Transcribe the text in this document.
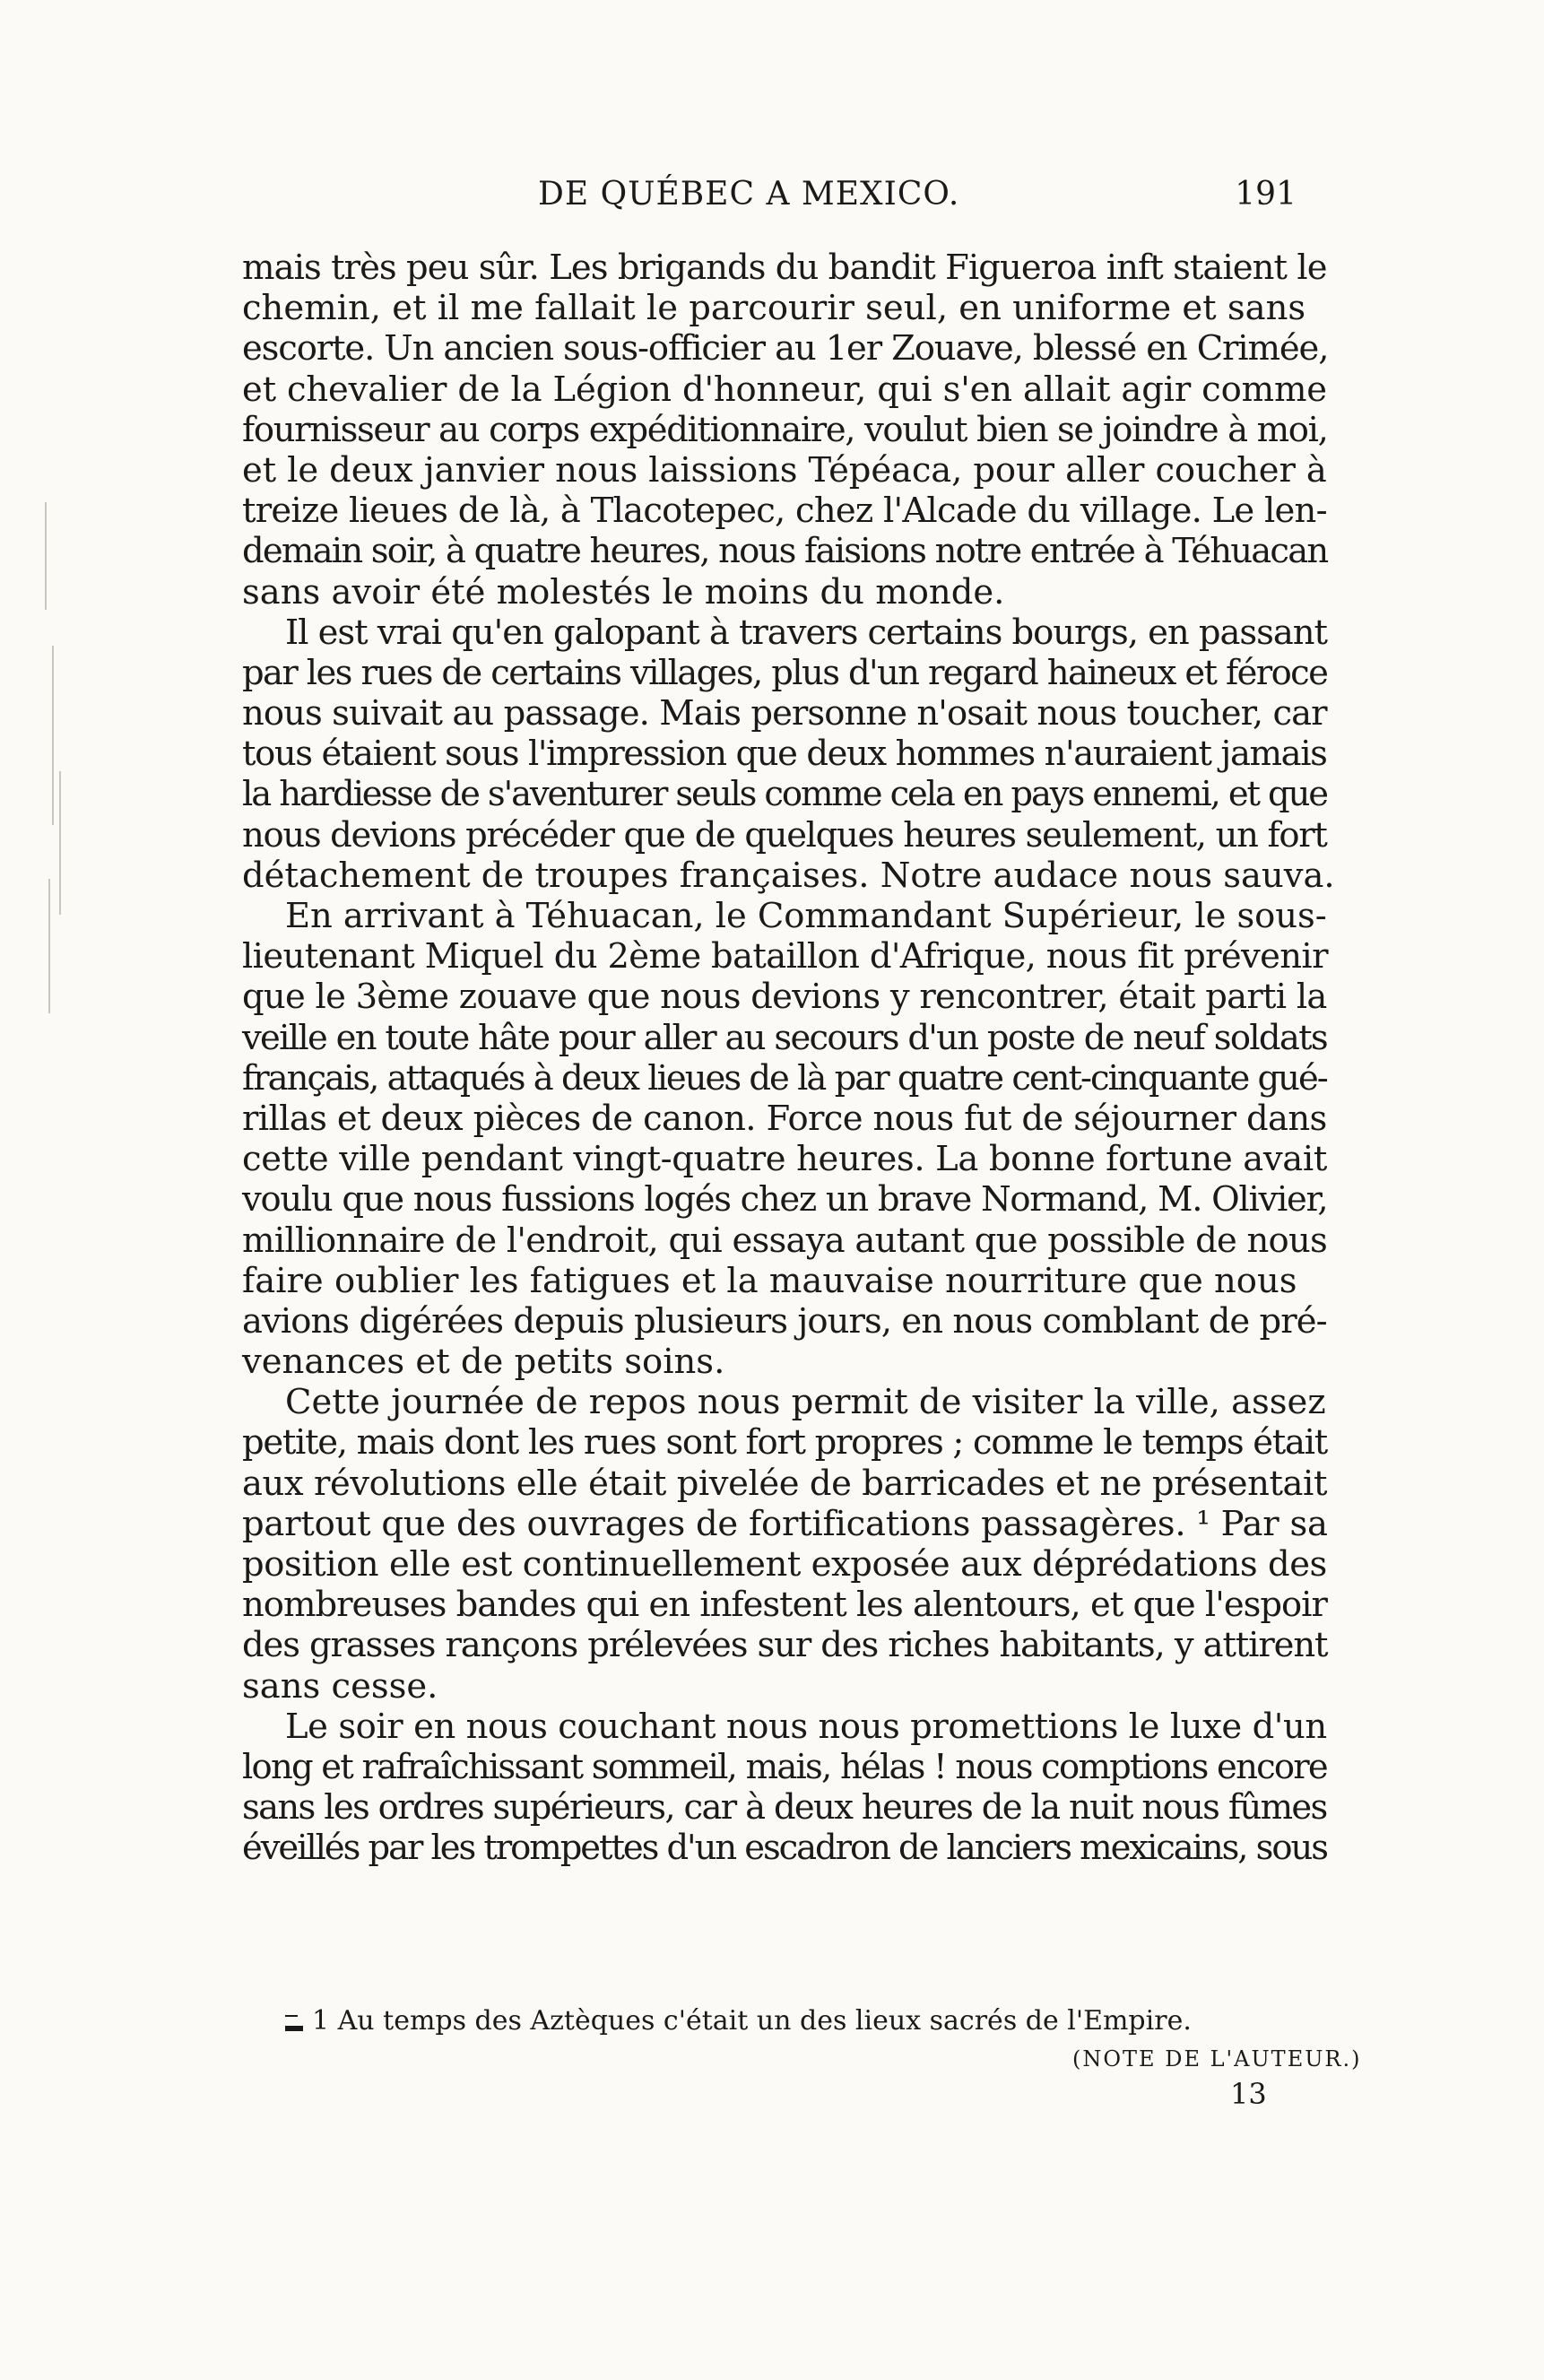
DE QUÉBEC A MEXICO.	191
mais très peu sûr. Les brigands du bandit Figueroa inft staient le
chemin, et il me fallait le parcourir seul, en uniforme et sans
escorte. Un ancien sous-officier au 1er Zouave, blessé en Crimée,
et chevalier de la Légion d'honneur, qui s'en allait agir comme
fournisseur au corps expéditionnaire, voulut bien se joindre à moi,
et le deux janvier nous laissions Tépéaca, pour aller coucher à
treize lieues de là, à Tlacotepec, chez l'Alcade du village. Le len-
demain soir, à quatre heures, nous faisions notre entrée à Téhuacan
sans avoir été molestés le moins du monde.
Il est vrai qu'en galopant à travers certains bourgs, en passant
par les rues de certains villages, plus d'un regard haineux et féroce
nous suivait au passage. Mais personne n'osait nous toucher, car
tous étaient sous l'impression que deux hommes n'auraient jamais
la hardiesse de s'aventurer seuls comme cela en pays ennemi, et que
nous devions précéder que de quelques heures seulement, un fort
détachement de troupes françaises. Notre audace nous sauva.
En arrivant à Téhuacan, le Commandant Supérieur, le sous-
lieutenant Miquel du 2ème bataillon d'Afrique, nous fit prévenir
que le 3ème zouave que nous devions y rencontrer, était parti la
veille en toute hâte pour aller au secours d'un poste de neuf soldats
français, attaqués à deux lieues de là par quatre cent-cinquante gué-
rillas et deux pièces de canon. Force nous fut de séjourner dans
cette ville pendant vingt-quatre heures. La bonne fortune avait
voulu que nous fussions logés chez un brave Normand, M. Olivier,
millionnaire de l'endroit, qui essaya autant que possible de nous
faire oublier les fatigues et la mauvaise nourriture que nous
avions digérées depuis plusieurs jours, en nous comblant de pré-
venances et de petits soins.
Cette journée de repos nous permit de visiter la ville, assez
petite, mais dont les rues sont fort propres ; comme le temps était
aux révolutions elle était pivelée de barricades et ne présentait
partout que des ouvrages de fortifications passagères. ¹ Par sa
position elle est continuellement exposée aux déprédations des
nombreuses bandes qui en infestent les alentours, et que l'espoir
des grasses rançons prélevées sur des riches habitants, y attirent
sans cesse.
Le soir en nous couchant nous nous promettions le luxe d'un
long et rafraîchissant sommeil, mais, hélas ! nous comptions encore
sans les ordres supérieurs, car à deux heures de la nuit nous fûmes
éveillés par les trompettes d'un escadron de lanciers mexicains, sous
1 Au temps des Aztèques c'était un des lieux sacrés de l'Empire.
(NOTE DE L'AUTEUR.)
13
